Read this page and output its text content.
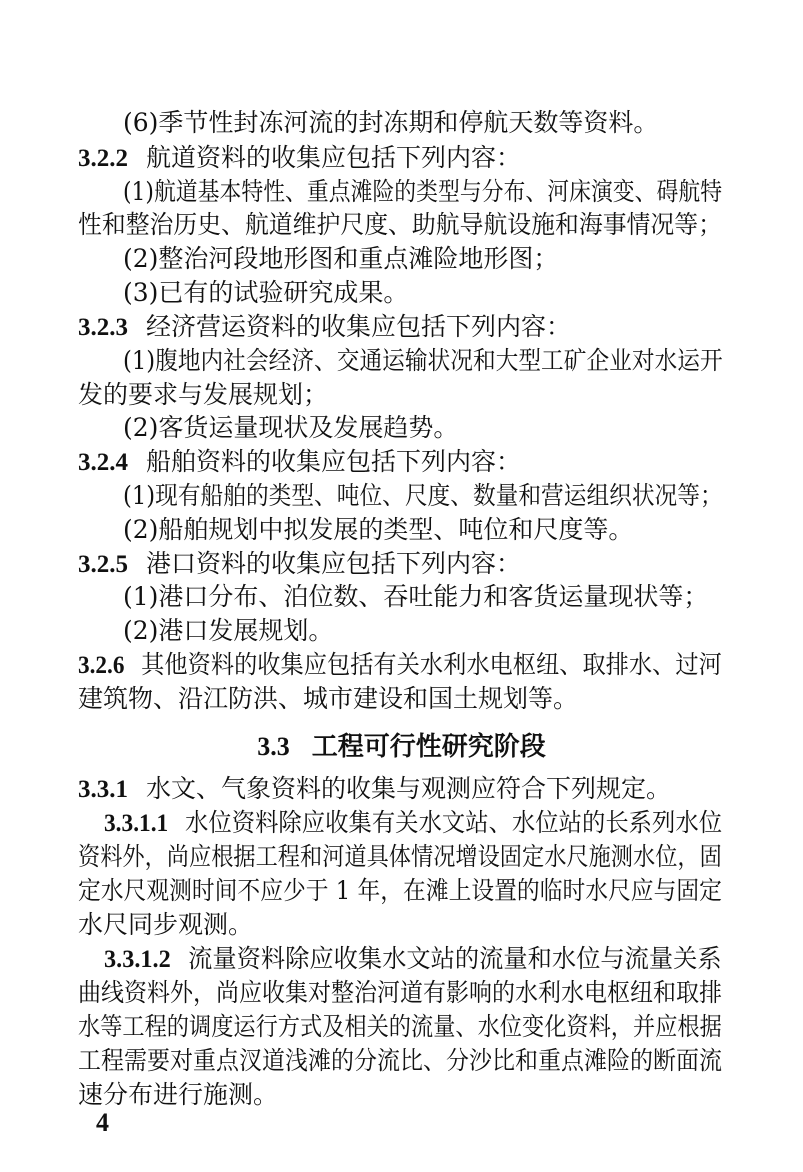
(6)季节性封冻河流的封冻期和停航天数等资料。
3.2.2 航道资料的收集应包括下列内容：
(1)航道基本特性、重点滩险的类型与分布、河床演变、碍航特
性和整治历史、航道维护尺度、助航导航设施和海事情况等；
(2)整治河段地形图和重点滩险地形图；
(3)已有的试验研究成果。
3.2.3 经济营运资料的收集应包括下列内容：
(1)腹地内社会经济、交通运输状况和大型工矿企业对水运开
发的要求与发展规划；
(2)客货运量现状及发展趋势。
3.2.4 船舶资料的收集应包括下列内容：
(1)现有船舶的类型、吨位、尺度、数量和营运组织状况等；
(2)船舶规划中拟发展的类型、吨位和尺度等。
3.2.5 港口资料的收集应包括下列内容：
(1)港口分布、泊位数、吞吐能力和客货运量现状等；
(2)港口发展规划。
3.2.6 其他资料的收集应包括有关水利水电枢纽、取排水、过河
建筑物、沿江防洪、城市建设和国土规划等。
3.3 工程可行性研究阶段
3.3.1 水文、气象资料的收集与观测应符合下列规定。
3.3.1.1 水位资料除应收集有关水文站、水位站的长系列水位
资料外，尚应根据工程和河道具体情况增设固定水尺施测水位，固
定水尺观测时间不应少于 1 年，在滩上设置的临时水尺应与固定
水尺同步观测。
3.3.1.2 流量资料除应收集水文站的流量和水位与流量关系
曲线资料外，尚应收集对整治河道有影响的水利水电枢纽和取排
水等工程的调度运行方式及相关的流量、水位变化资料，并应根据
工程需要对重点汊道浅滩的分流比、分沙比和重点滩险的断面流
速分布进行施测。
4
